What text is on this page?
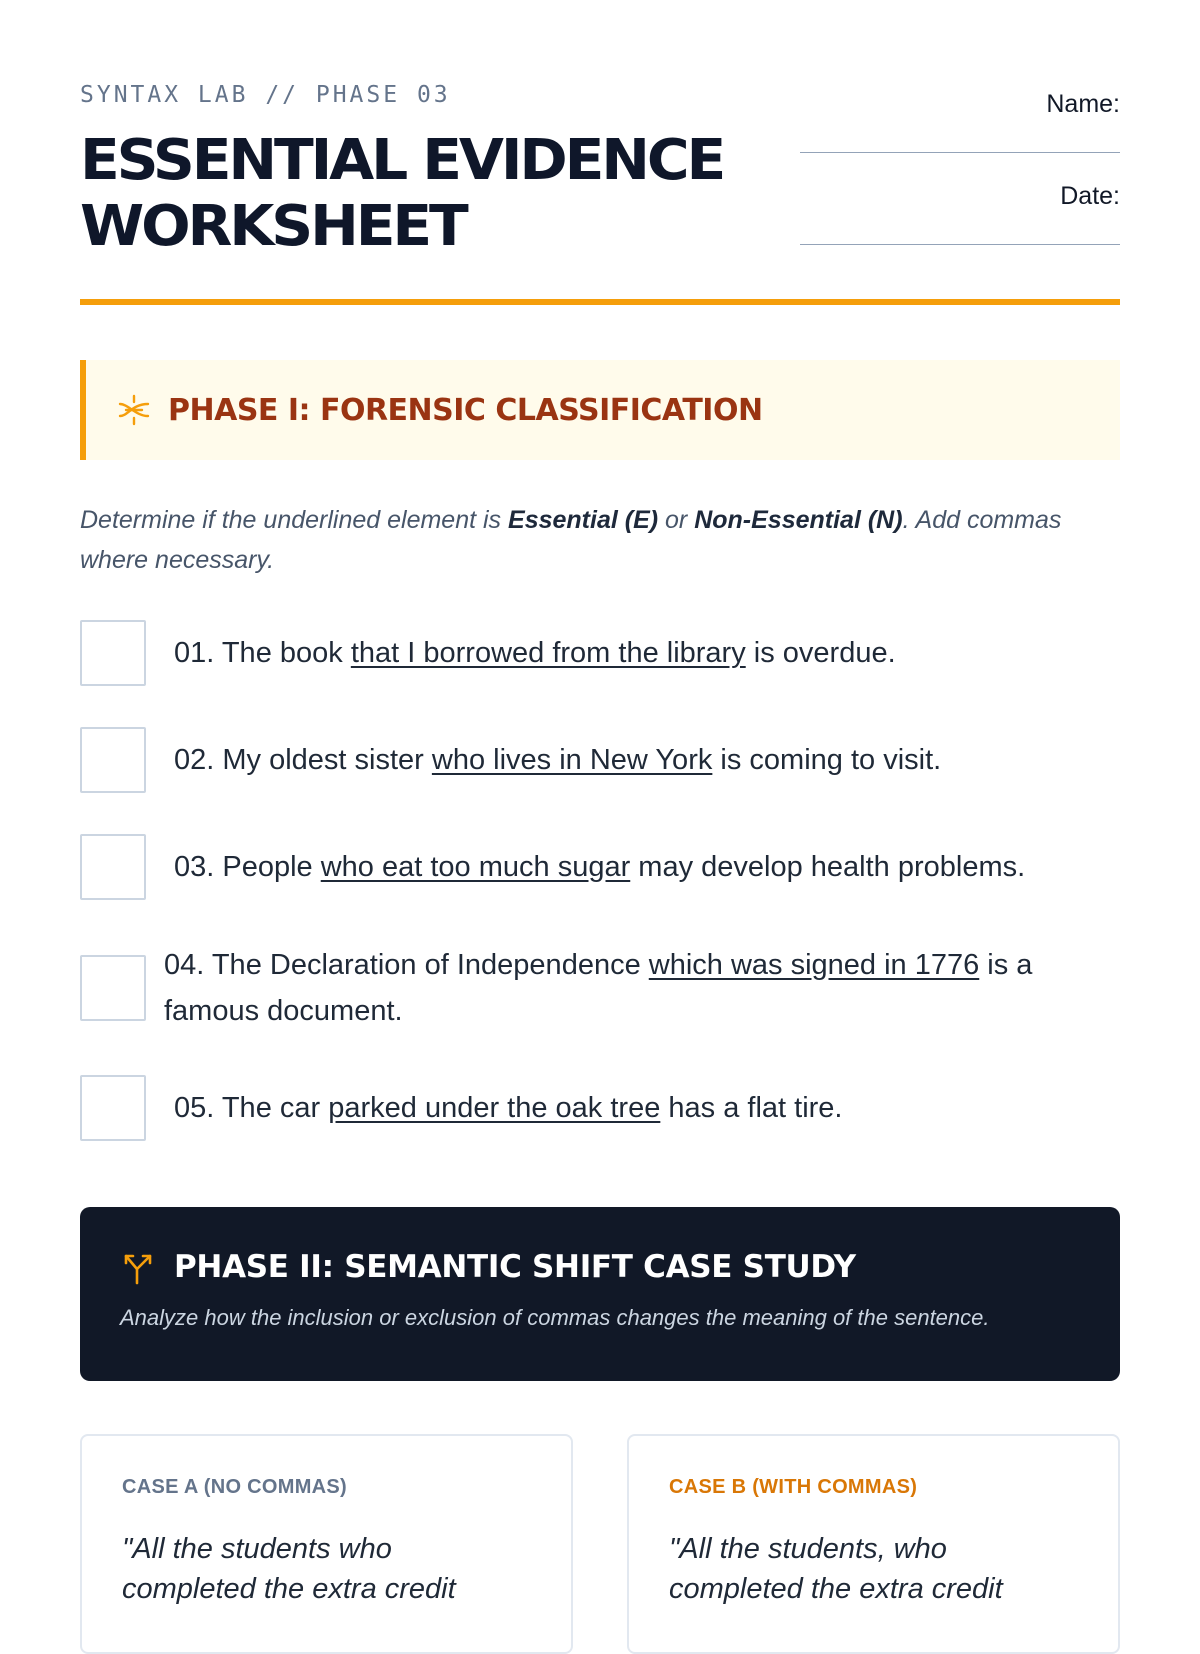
SYNTAX LAB // PHASE 03
ESSENTIAL EVIDENCE WORKSHEET
Name:
Date:
PHASE I: FORENSIC CLASSIFICATION

Determine if the underlined element is Essential (E) or Non-Essential (N). Add commas where necessary.

01. The book that I borrowed from the library is overdue.
02. My oldest sister who lives in New York is coming to visit.
03. People who eat too much sugar may develop health problems.
04. The Declaration of Independence which was signed in 1776 is a famous document.
05. The car parked under the oak tree has a flat tire.
PHASE II: SEMANTIC SHIFT CASE STUDY
Analyze how the inclusion or exclusion of commas changes the meaning of the sentence.
CASE A (NO COMMAS)
"All the students who completed the extra credit
CASE B (WITH COMMAS)
"All the students, who completed the extra credit
